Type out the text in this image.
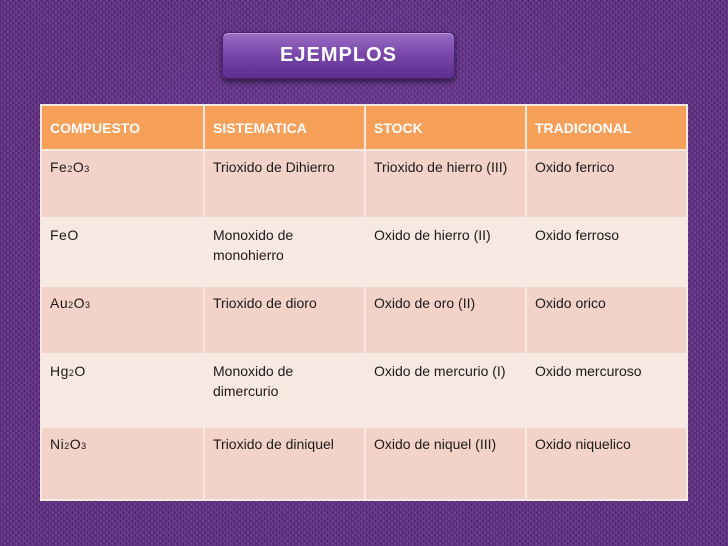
EJEMPLOS
COMPUESTO	SISTEMATICA	STOCK	TRADICIONAL
Fe2O3	Trioxido de Dihierro	Trioxido de hierro (III)	Oxido ferrico
FeO	Monoxido de monohierro	Oxido de hierro (II)	Oxido ferroso
Au2O3	Trioxido de dioro	Oxido de oro (II)	Oxido orico
Hg2O	Monoxido de dimercurio	Oxido de mercurio (I)	Oxido mercuroso
Ni2O3	Trioxido de diniquel	Oxido de niquel (III)	Oxido niquelico
